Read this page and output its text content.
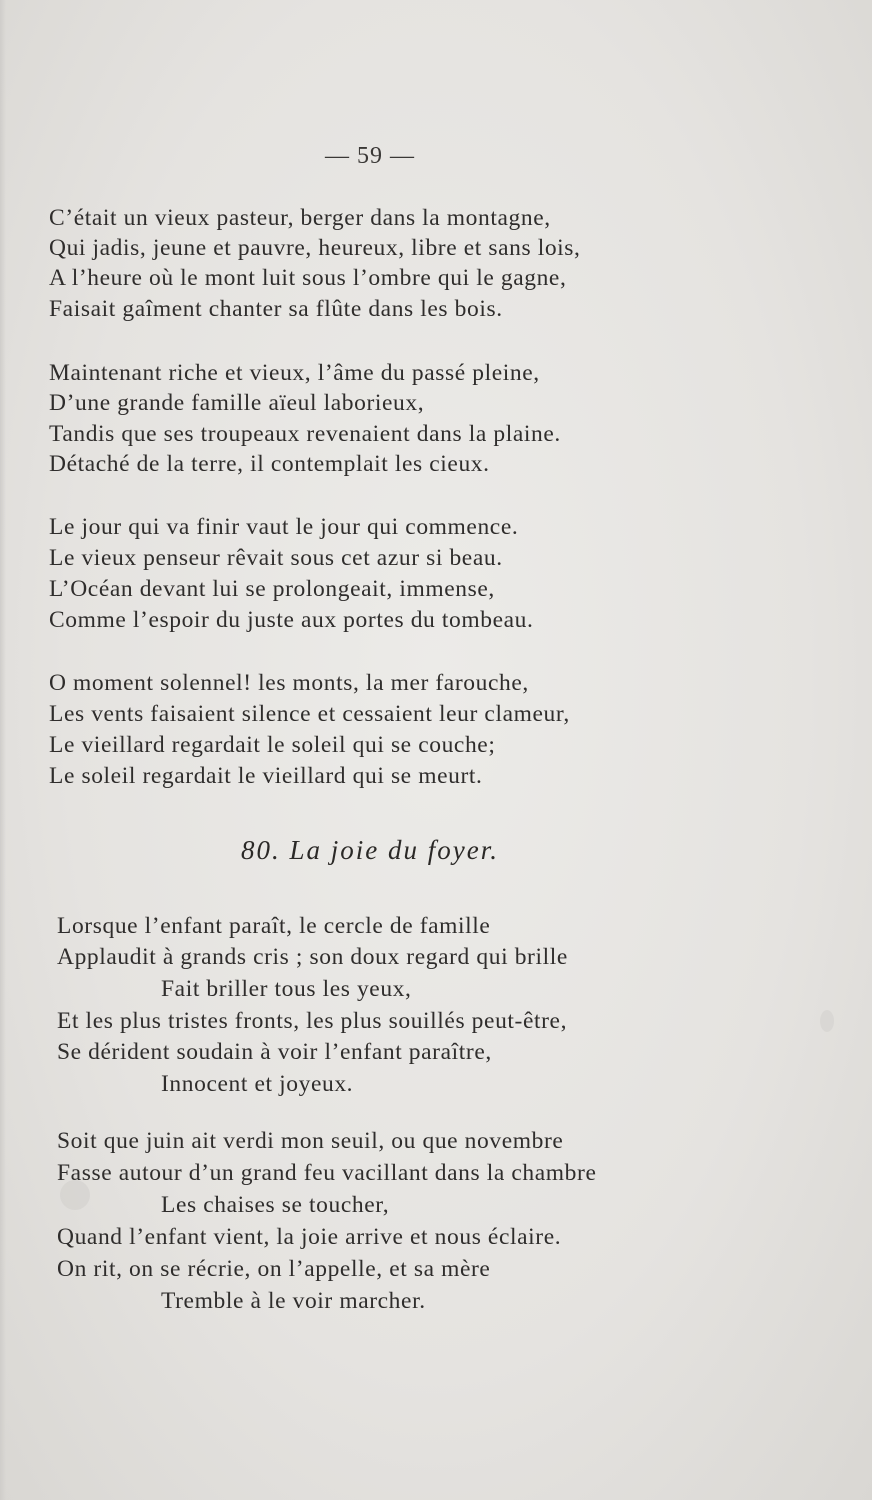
— 59 —
C’était un vieux pasteur, berger dans la montagne,
Qui jadis, jeune et pauvre, heureux, libre et sans lois,
A l’heure où le mont luit sous l’ombre qui le gagne,
Faisait gaîment chanter sa flûte dans les bois.
Maintenant riche et vieux, l’âme du passé pleine,
D’une grande famille aïeul laborieux,
Tandis que ses troupeaux revenaient dans la plaine.
Détaché de la terre, il contemplait les cieux.
Le jour qui va finir vaut le jour qui commence.
Le vieux penseur rêvait sous cet azur si beau.
L’Océan devant lui se prolongeait, immense,
Comme l’espoir du juste aux portes du tombeau.
O moment solennel! les monts, la mer farouche,
Les vents faisaient silence et cessaient leur clameur,
Le vieillard regardait le soleil qui se couche;
Le soleil regardait le vieillard qui se meurt.
80. La joie du foyer.
Lorsque l’enfant paraît, le cercle de famille
Applaudit à grands cris ; son doux regard qui brille
Fait briller tous les yeux,
Et les plus tristes fronts, les plus souillés peut-être,
Se dérident soudain à voir l’enfant paraître,
Innocent et joyeux.
Soit que juin ait verdi mon seuil, ou que novembre
Fasse autour d’un grand feu vacillant dans la chambre
Les chaises se toucher,
Quand l’enfant vient, la joie arrive et nous éclaire.
On rit, on se récrie, on l’appelle, et sa mère
Tremble à le voir marcher.
